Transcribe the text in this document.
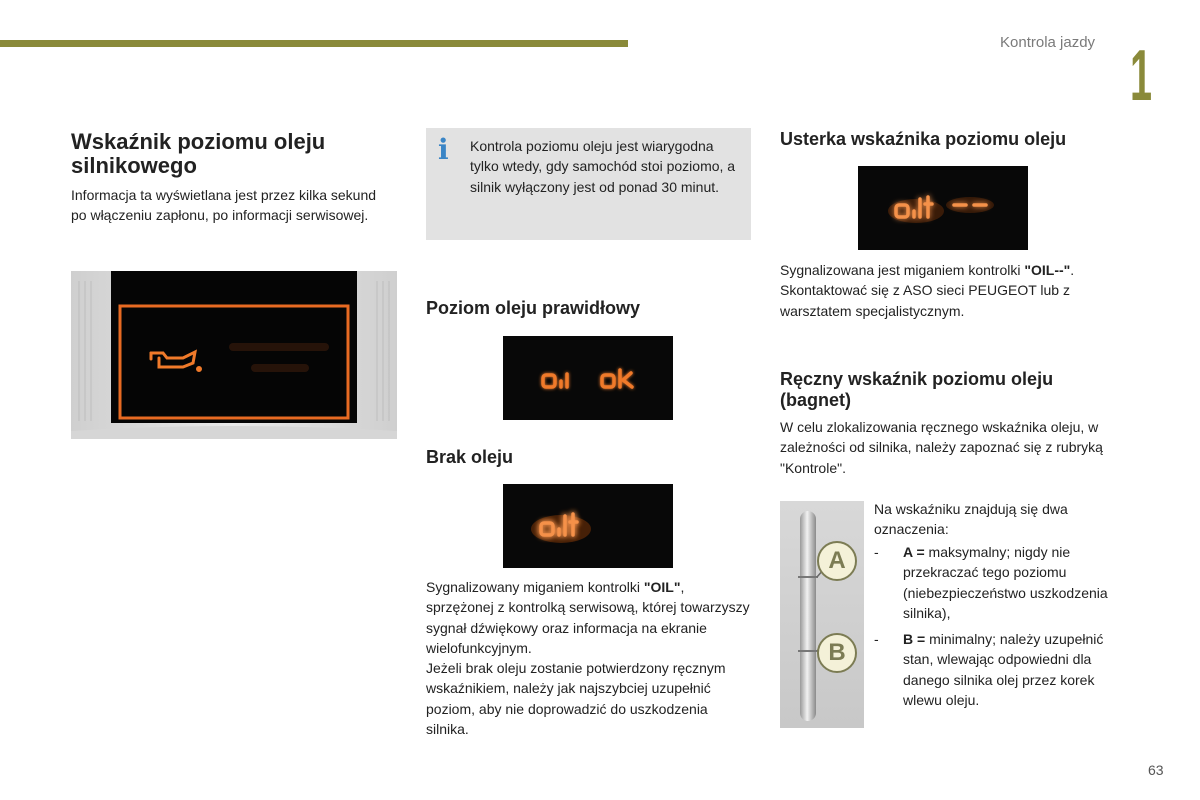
Kontrola jazdy 1
63
Wskaźnik poziomu oleju silnikowego

Informacja ta wyświetlana jest przez kilka sekund po włączeniu zapłonu, po informacji serwisowej.

i Kontrola poziomu oleju jest wiarygodna tylko wtedy, gdy samochód stoi poziomo, a silnik wyłączony jest od ponad 30 minut.

Poziom oleju prawidłowy
Brak oleju

Sygnalizowany miganiem kontrolki "OIL", sprzężonej z kontrolką serwisową, której towarzyszy sygnał dźwiękowy oraz informacja na ekranie wielofunkcyjnym.

Jeżeli brak oleju zostanie potwierdzony ręcznym wskaźnikiem, należy jak najszybciej uzupełnić poziom, aby nie doprowadzić do uszkodzenia silnika.

Usterka wskaźnika poziomu oleju

Sygnalizowana jest miganiem kontrolki "OIL--". Skontaktować się z ASO sieci PEUGEOT lub z warsztatem specjalistycznym.

Ręczny wskaźnik poziomu oleju (bagnet)

W celu zlokalizowania ręcznego wskaźnika oleju, w zależności od silnika, należy zapoznać się z rubryką "Kontrole".

A
B

Na wskaźniku znajdują się dwa oznaczenia:

-	A = maksymalny; nigdy nie przekraczać tego poziomu (niebezpieczeństwo uszkodzenia silnika),
-	B = minimalny; należy uzupełnić stan, wlewając odpowiedni dla danego silnika olej przez korek wlewu oleju.
